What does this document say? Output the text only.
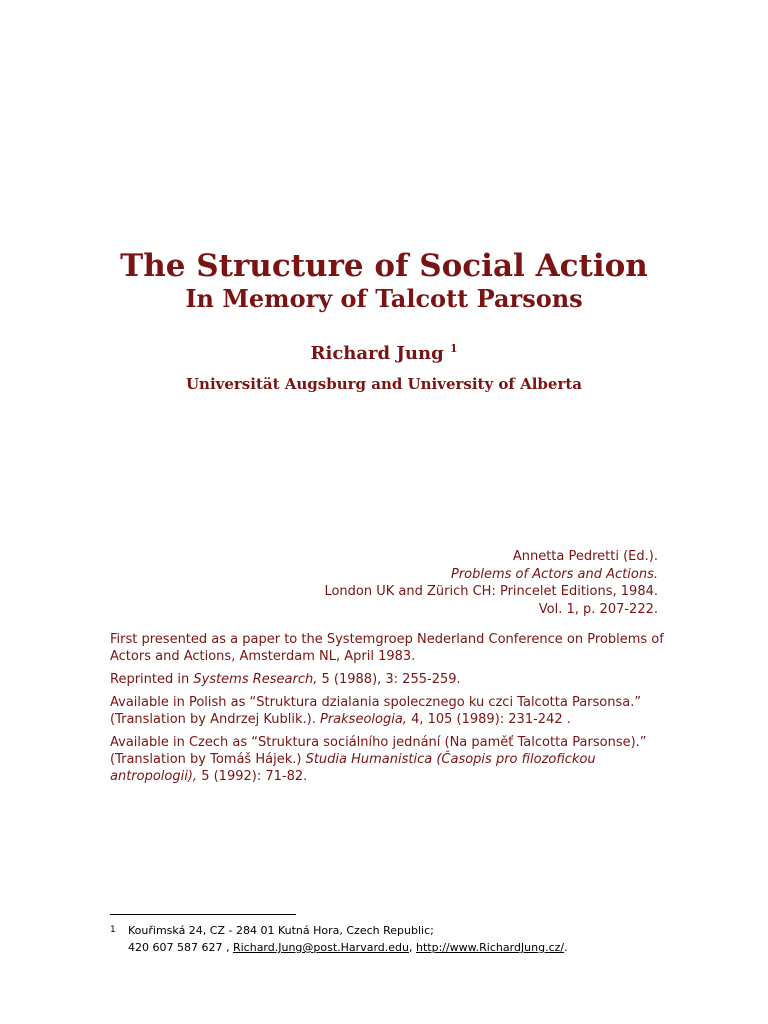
The Structure of Social Action
In Memory of Talcott Parsons
Richard Jung $^1$
Universität Augsburg and University of Alberta
Annetta Pedretti (Ed.).
Problems of Actors and Actions.
London UK and Zürich CH: Princelet Editions, 1984.
Vol. 1, p. 207-222.

First presented as a paper to the Systemgroep Nederland Conference on Problems of Actors and Actions, Amsterdam NL, April 1983.

Reprinted in Systems Research, 5 (1988), 3: 255-259.

Available in Polish as “Struktura dzialania spolecznego ku czci Talcotta Parsonsa.” (Translation by Andrzej Kublik.). Prakseologia, 4, 105 (1989): 231-242 .

Available in Czech as “Struktura sociálního jednání (Na paměť Talcotta Parsonse).” (Translation by Tomáš Hájek.) Studia Humanistica (Časopis pro filozofickou antropologii), 5 (1992): 71-82.

1	Kouřimská 24, CZ - 284 01 Kutná Hora, Czech Republic;
420 607 587 627 , Richard.Jung@post.Harvard.edu, http://www.RichardJung.cz/.
